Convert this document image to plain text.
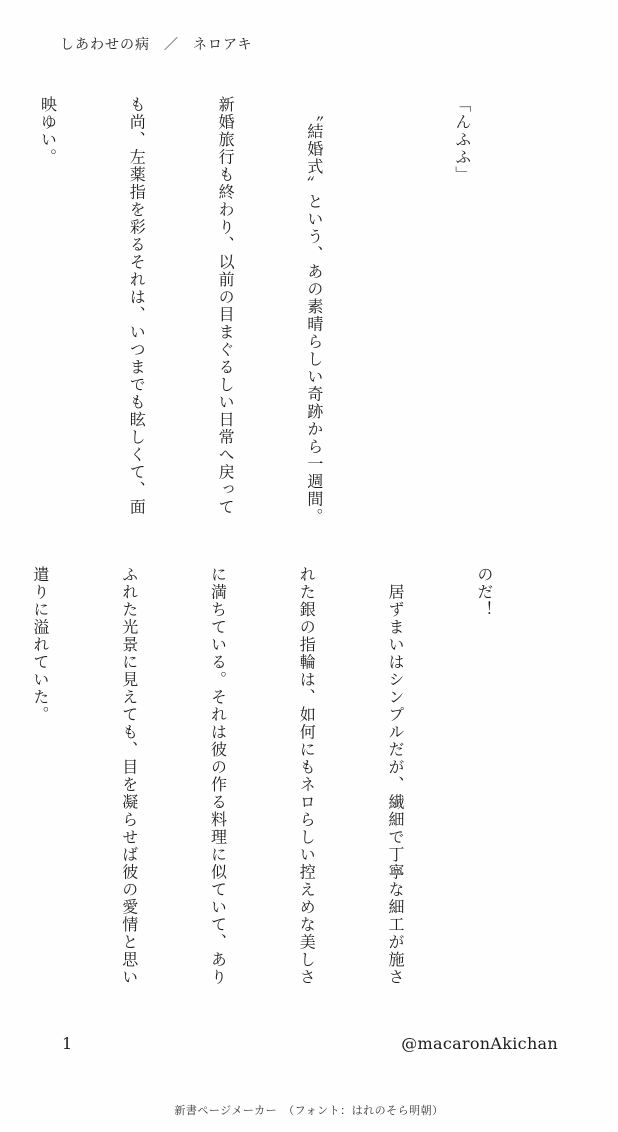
しあわせの病 ／ ネロアキ

「んふふ」

　〝結婚式〟という、あの素晴らしい奇跡から一週間。

新婚旅行も終わり、以前の目まぐるしい日常へ戻って

も尚、左薬指を彩るそれは、いつまでも眩しくて、面

映ゆい。

のだ！

　居ずまいはシンプルだが、繊細で丁寧な細工が施さ

れた銀の指輪は、如何にもネロらしい控えめな美しさ

に満ちている。それは彼の作る料理に似ていて、あり

ふれた光景に見えても、目を凝らせば彼の愛情と思い

遣りに溢れていた。

1	@macaronAkichan
新書ページメーカー　（フォント：はれのそら明朝）
